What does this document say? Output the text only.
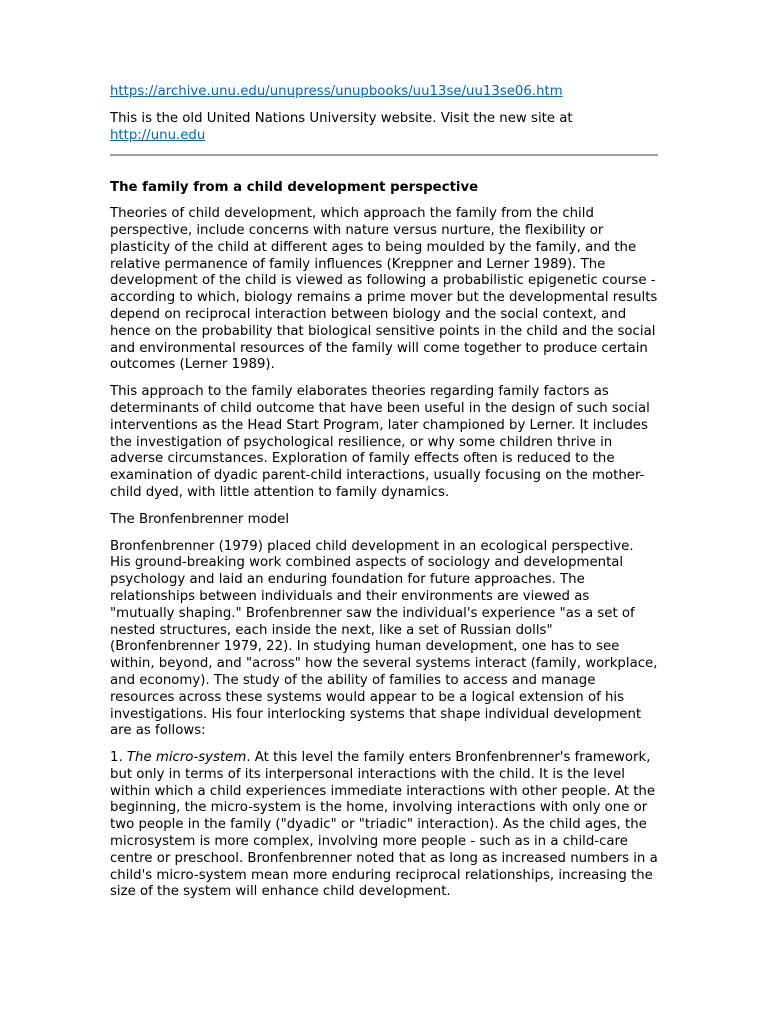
https://archive.unu.edu/unupress/unupbooks/uu13se/uu13se06.htm
This is the old United Nations University website. Visit the new site at
http://unu.edu
The family from a child development perspective

Theories of child development, which approach the family from the child perspective, include concerns with nature versus nurture, the flexibility or plasticity of the child at different ages to being moulded by the family, and the relative permanence of family influences (Kreppner and Lerner 1989). The development of the child is viewed as following a probabilistic epigenetic course - according to which, biology remains a prime mover but the developmental results depend on reciprocal interaction between biology and the social context, and hence on the probability that biological sensitive points in the child and the social and environmental resources of the family will come together to produce certain outcomes (Lerner 1989).

This approach to the family elaborates theories regarding family factors as determinants of child outcome that have been useful in the design of such social interventions as the Head Start Program, later championed by Lerner. It includes the investigation of psychological resilience, or why some children thrive in adverse circumstances. Exploration of family effects often is reduced to the examination of dyadic parent-child interactions, usually focusing on the mother-child dyed, with little attention to family dynamics.

The Bronfenbrenner model

Bronfenbrenner (1979) placed child development in an ecological perspective. His ground-breaking work combined aspects of sociology and developmental psychology and laid an enduring foundation for future approaches. The relationships between individuals and their environments are viewed as "mutually shaping." Brofenbrenner saw the individual's experience "as a set of nested structures, each inside the next, like a set of Russian dolls" (Bronfenbrenner 1979, 22). In studying human development, one has to see within, beyond, and "across" how the several systems interact (family, workplace, and economy). The study of the ability of families to access and manage resources across these systems would appear to be a logical extension of his investigations. His four interlocking systems that shape individual development are as follows:

1. The micro-system. At this level the family enters Bronfenbrenner's framework, but only in terms of its interpersonal interactions with the child. It is the level within which a child experiences immediate interactions with other people. At the beginning, the micro-system is the home, involving interactions with only one or two people in the family ("dyadic" or "triadic" interaction). As the child ages, the microsystem is more complex, involving more people - such as in a child-care centre or preschool. Bronfenbrenner noted that as long as increased numbers in a child's micro-system mean more enduring reciprocal relationships, increasing the size of the system will enhance child development.
